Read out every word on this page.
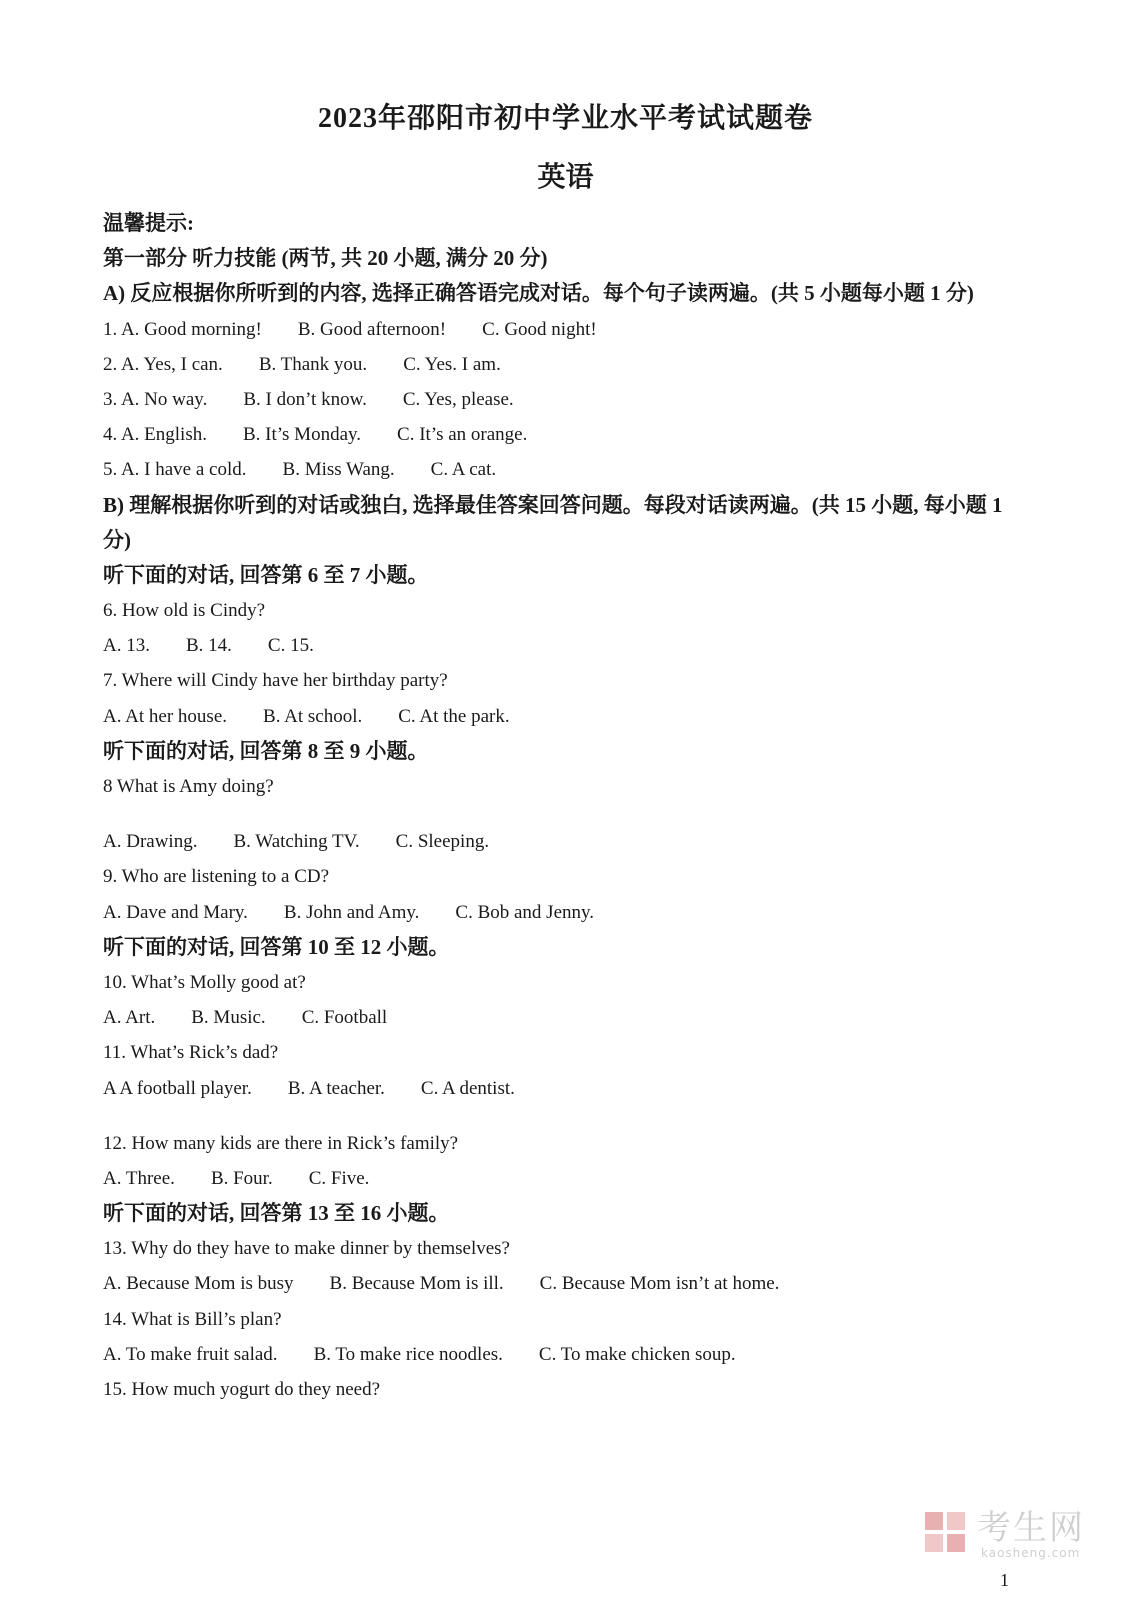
2023年邵阳市初中学业水平考试试题卷
英语
温馨提示:
第一部分 听力技能 (两节, 共 20 小题, 满分 20 分)
A) 反应根据你所听到的内容, 选择正确答语完成对话。每个句子读两遍。(共 5 小题每小题 1 分)
1. A. Good morning! B. Good afternoon! C. Good night!
2. A. Yes, I can. B. Thank you. C. Yes. I am.
3. A. No way. B. I don’t know. C. Yes, please.
4. A. English. B. It’s Monday. C. It’s an orange.
5. A. I have a cold. B. Miss Wang. C. A cat.
B) 理解根据你听到的对话或独白, 选择最佳答案回答问题。每段对话读两遍。(共 15 小题, 每小题 1 分)
听下面的对话, 回答第 6 至 7 小题。
6. How old is Cindy?
A. 13. B. 14. C. 15.
7. Where will Cindy have her birthday party?
A. At her house. B. At school. C. At the park.
听下面的对话, 回答第 8 至 9 小题。
8 What is Amy doing?
A. Drawing. B. Watching TV. C. Sleeping.
9. Who are listening to a CD?
A. Dave and Mary. B. John and Amy. C. Bob and Jenny.
听下面的对话, 回答第 10 至 12 小题。
10. What’s Molly good at?
A. Art. B. Music. C. Football
11. What’s Rick’s dad?
A A football player. B. A teacher. C. A dentist.
12. How many kids are there in Rick’s family?
A. Three. B. Four. C. Five.
听下面的对话, 回答第 13 至 16 小题。
13. Why do they have to make dinner by themselves?
A. Because Mom is busy B. Because Mom is ill. C. Because Mom isn’t at home.
14. What is Bill’s plan?
A. To make fruit salad. B. To make rice noodles. C. To make chicken soup.
15. How much yogurt do they need?
考生网
kaosheng.com
1
